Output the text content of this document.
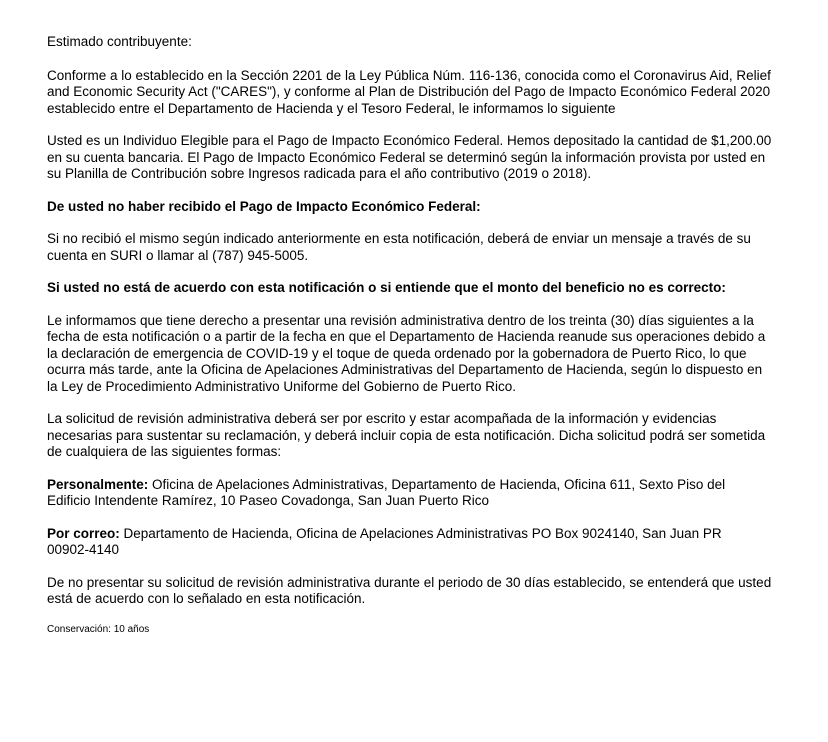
Estimado contribuyente:

Conforme a lo establecido en la Sección 2201 de la Ley Pública Núm. 116-136, conocida como el Coronavirus Aid, Relief
and Economic Security Act ("CARES"), y conforme al Plan de Distribución del Pago de Impacto Económico Federal 2020
establecido entre el Departamento de Hacienda y el Tesoro Federal, le informamos lo siguiente

Usted es un Individuo Elegible para el Pago de Impacto Económico Federal. Hemos depositado la cantidad de $1,200.00
en su cuenta bancaria. El Pago de Impacto Económico Federal se determinó según la información provista por usted en
su Planilla de Contribución sobre Ingresos radicada para el año contributivo (2019 o 2018).

De usted no haber recibido el Pago de Impacto Económico Federal:

Si no recibió el mismo según indicado anteriormente en esta notificación, deberá de enviar un mensaje a través de su
cuenta en SURI o llamar al (787) 945-5005.

Si usted no está de acuerdo con esta notificación o si entiende que el monto del beneficio no es correcto:

Le informamos que tiene derecho a presentar una revisión administrativa dentro de los treinta (30) días siguientes a la
fecha de esta notificación o a partir de la fecha en que el Departamento de Hacienda reanude sus operaciones debido a
la declaración de emergencia de COVID-19 y el toque de queda ordenado por la gobernadora de Puerto Rico, lo que
ocurra más tarde, ante la Oficina de Apelaciones Administrativas del Departamento de Hacienda, según lo dispuesto en
la Ley de Procedimiento Administrativo Uniforme del Gobierno de Puerto Rico.

La solicitud de revisión administrativa deberá ser por escrito y estar acompañada de la información y evidencias
necesarias para sustentar su reclamación, y deberá incluir copia de esta notificación. Dicha solicitud podrá ser sometida
de cualquiera de las siguientes formas:

Personalmente: Oficina de Apelaciones Administrativas, Departamento de Hacienda, Oficina 611, Sexto Piso del
Edificio Intendente Ramírez, 10 Paseo Covadonga, San Juan Puerto Rico

Por correo: Departamento de Hacienda, Oficina de Apelaciones Administrativas PO Box 9024140, San Juan PR
00902-4140

De no presentar su solicitud de revisión administrativa durante el periodo de 30 días establecido, se entenderá que usted
está de acuerdo con lo señalado en esta notificación.

Conservación: 10 años
